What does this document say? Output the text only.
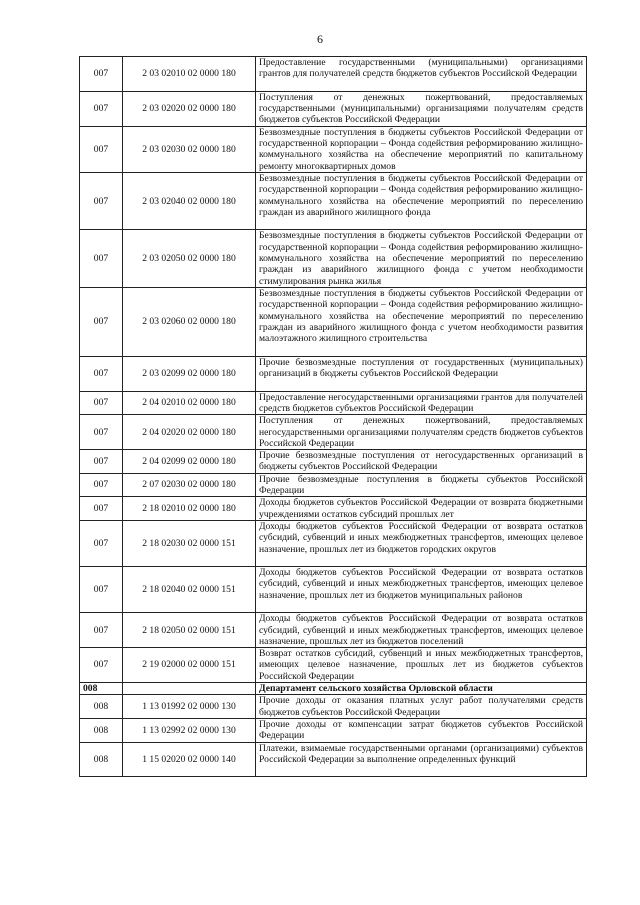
6
007	2 03 02010 02 0000 180	Предоставление государственными (муниципальными) организациями грантов для получателей средств бюджетов субъектов Российской Федерации
007	2 03 02020 02 0000 180	Поступления от денежных пожертвований, предоставляемых государственными (муниципальными) организациями получателям средств бюджетов субъектов Российской Федерации
007	2 03 02030 02 0000 180	Безвозмездные поступления в бюджеты субъектов Российской Федерации от государственной корпорации – Фонда содействия реформированию жилищно-коммунального хозяйства на обеспечение мероприятий по капитальному ремонту многоквартирных домов
007	2 03 02040 02 0000 180	Безвозмездные поступления в бюджеты субъектов Российской Федерации от государственной корпорации – Фонда содействия реформированию жилищно-коммунального хозяйства на обеспечение мероприятий по переселению граждан из аварийного жилищного фонда
007	2 03 02050 02 0000 180	Безвозмездные поступления в бюджеты субъектов Российской Федерации от государственной корпорации – Фонда содействия реформированию жилищно-коммунального хозяйства на обеспечение мероприятий по переселению граждан из аварийного жилищного фонда с учетом необходимости стимулирования рынка жилья
007	2 03 02060 02 0000 180	Безвозмездные поступления в бюджеты субъектов Российской Федерации от государственной корпорации – Фонда содействия реформированию жилищно-коммунального хозяйства на обеспечение мероприятий по переселению граждан из аварийного жилищного фонда с учетом необходимости развития малоэтажного жилищного строительства
007	2 03 02099 02 0000 180	Прочие безвозмездные поступления от государственных (муниципальных) организаций в бюджеты субъектов Российской Федерации
007	2 04 02010 02 0000 180	Предоставление негосударственными организациями грантов для получателей средств бюджетов субъектов Российской Федерации
007	2 04 02020 02 0000 180	Поступления от денежных пожертвований, предоставляемых негосударственными организациями получателям средств бюджетов субъектов Российской Федерации
007	2 04 02099 02 0000 180	Прочие безвозмездные поступления от негосударственных организаций в бюджеты субъектов Российской Федерации
007	2 07 02030 02 0000 180	Прочие безвозмездные поступления в бюджеты субъектов Российской Федерации
007	2 18 02010 02 0000 180	Доходы бюджетов субъектов Российской Федерации от возврата бюджетными учреждениями остатков субсидий прошлых лет
007	2 18 02030 02 0000 151	Доходы бюджетов субъектов Российской Федерации от возврата остатков субсидий, субвенций и иных межбюджетных трансфертов, имеющих целевое назначение, прошлых лет из бюджетов городских округов
007	2 18 02040 02 0000 151	Доходы бюджетов субъектов Российской Федерации от возврата остатков субсидий, субвенций и иных межбюджетных трансфертов, имеющих целевое назначение, прошлых лет из бюджетов муниципальных районов
007	2 18 02050 02 0000 151	Доходы бюджетов субъектов Российской Федерации от возврата остатков субсидий, субвенций и иных межбюджетных трансфертов, имеющих целевое назначение, прошлых лет из бюджетов поселений
007	2 19 02000 02 0000 151	Возврат остатков субсидий, субвенций и иных межбюджетных трансфертов, имеющих целевое назначение, прошлых лет из бюджетов субъектов Российской Федерации
008		Департамент сельского хозяйства Орловской области
008	1 13 01992 02 0000 130	Прочие доходы от оказания платных услуг работ получателями средств бюджетов субъектов Российской Федерации
008	1 13 02992 02 0000 130	Прочие доходы от компенсации затрат бюджетов субъектов Российской Федерации
008	1 15 02020 02 0000 140	Платежи, взимаемые государственными органами (организациями) субъектов Российской Федерации за выполнение определенных функций
